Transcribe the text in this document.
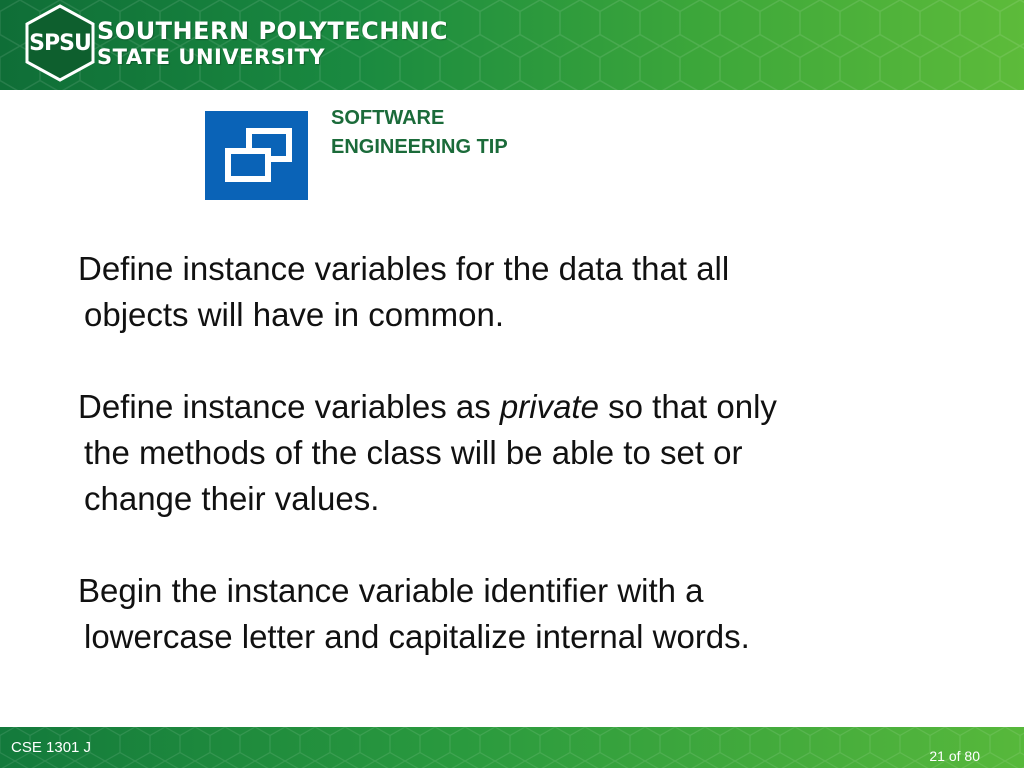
SPSU SOUTHERN POLYTECHNIC
STATE UNIVERSITY
SOFTWARE
ENGINEERING TIP
Define instance variables for the data that all
objects will have in common.
Define instance variables as private so that only
the methods of the class will be able to set or
change their values.
Begin the instance variable identifier with a
lowercase letter and capitalize internal words.
CSE 1301 J	21 of 80
